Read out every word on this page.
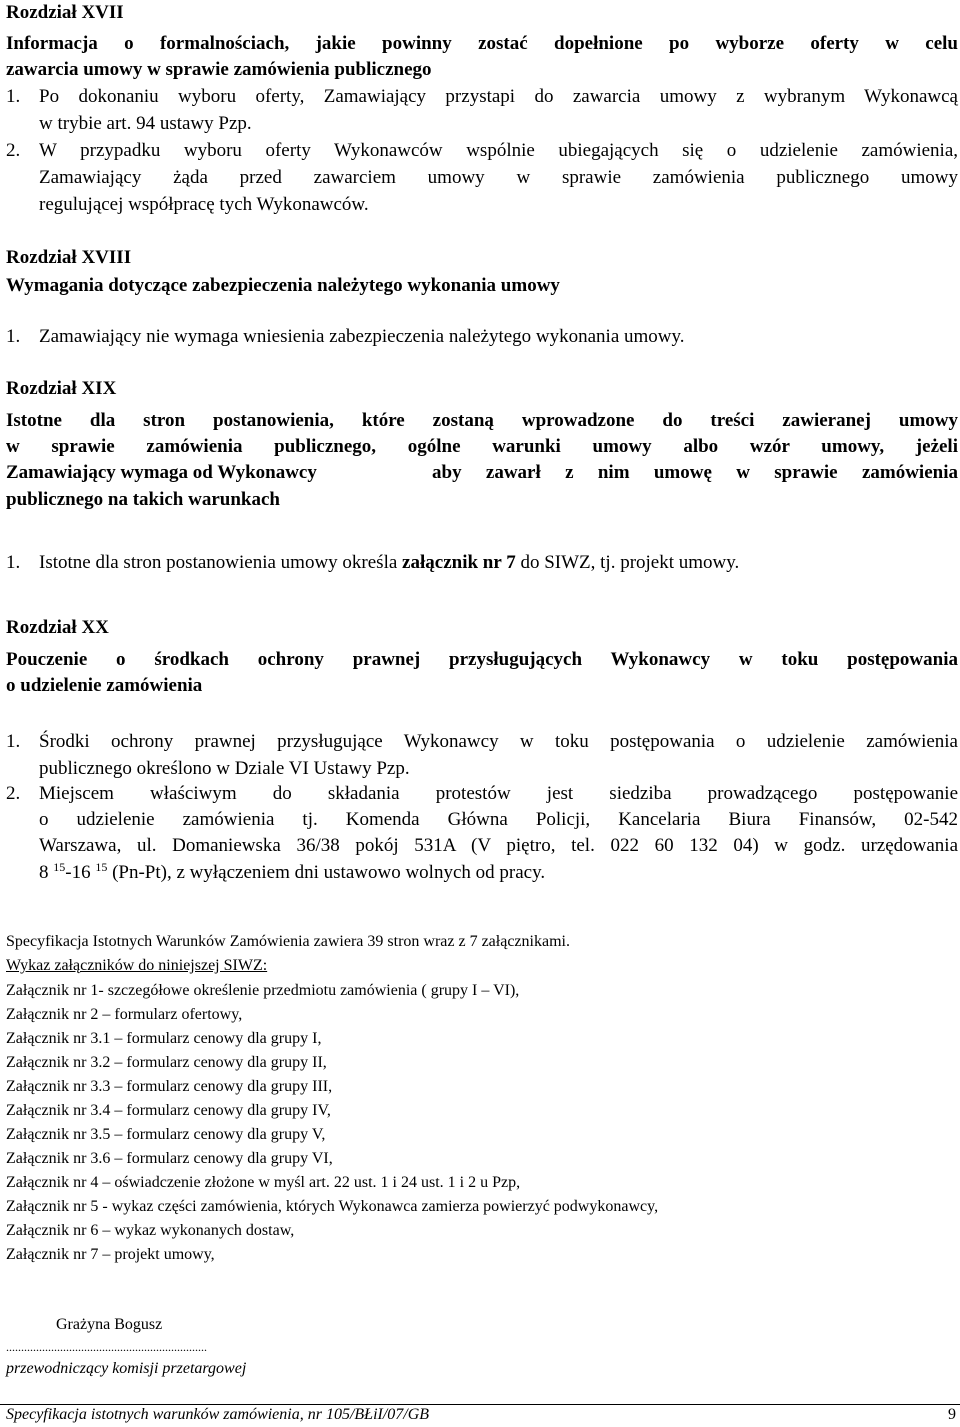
Rozdział XVII
Informacja o formalnościach, jakie powinny zostać dopełnione po wyborze oferty w celu
zawarcia umowy w sprawie zamówienia publicznego
1. Po dokonaniu wyboru oferty, Zamawiający przystapi do zawarcia umowy z wybranym Wykonawcą
w trybie art. 94 ustawy Pzp.
2. W przypadku wyboru oferty Wykonawców wspólnie ubiegających się o udzielenie zamówienia,
Zamawiający żąda przed zawarciem umowy w sprawie zamówienia publicznego umowy
regulującej współpracę tych Wykonawców.
Rozdział XVIII
Wymagania dotyczące zabezpieczenia należytego wykonania umowy
1. Zamawiający nie wymaga wniesienia zabezpieczenia należytego wykonania umowy.
Rozdział XIX
Istotne dla stron postanowienia, które zostaną wprowadzone do treści zawieranej umowy
w sprawie zamówienia publicznego, ogólne warunki umowy albo wzór umowy, jeżeli
Zamawiający wymaga od Wykonawcy	aby zawarł z nim umowę w sprawie zamówienia
publicznego na takich warunkach
1. Istotne dla stron postanowienia umowy określa załącznik nr 7 do SIWZ, tj. projekt umowy.
Rozdział XX
Pouczenie o środkach ochrony prawnej przysługujących Wykonawcy w toku postępowania
o udzielenie zamówienia
1. Środki ochrony prawnej przysługujące Wykonawcy w toku postępowania o udzielenie zamówienia
publicznego określono w Dziale VI Ustawy Pzp.
2. Miejscem właściwym do składania protestów jest siedziba prowadzącego postępowanie
o udzielenie zamówienia tj. Komenda Główna Policji, Kancelaria Biura Finansów, 02-542
Warszawa, ul. Domaniewska 36/38 pokój 531A (V piętro, tel. 022 60 132 04) w godz. urzędowania
8 $^{15}$-16 $^{15}$ (Pn-Pt), z wyłączeniem dni ustawowo wolnych od pracy.
Specyfikacja Istotnych Warunków Zamówienia zawiera 39 stron wraz z 7 załącznikami.
Wykaz załączników do niniejszej SIWZ:
Załącznik nr 1- szczegółowe określenie przedmiotu zamówienia ( grupy I – VI),
Załącznik nr 2 – formularz ofertowy,
Załącznik nr 3.1 – formularz cenowy dla grupy I,
Załącznik nr 3.2 – formularz cenowy dla grupy II,
Załącznik nr 3.3 – formularz cenowy dla grupy III,
Załącznik nr 3.4 – formularz cenowy dla grupy IV,
Załącznik nr 3.5 – formularz cenowy dla grupy V,
Załącznik nr 3.6 – formularz cenowy dla grupy VI,
Załącznik nr 4 – oświadczenie złożone w myśl art. 22 ust. 1 i 24 ust. 1 i 2 u Pzp,
Załącznik nr 5 - wykaz części zamówienia, których Wykonawca zamierza powierzyć podwykonawcy,
Załącznik nr 6 – wykaz wykonanych dostaw,
Załącznik nr 7 – projekt umowy,
Grażyna Bogusz
...................................................................
przewodniczący komisji przetargowej
Specyfikacja istotnych warunków zamówienia, nr 105/BŁiI/07/GB	9
